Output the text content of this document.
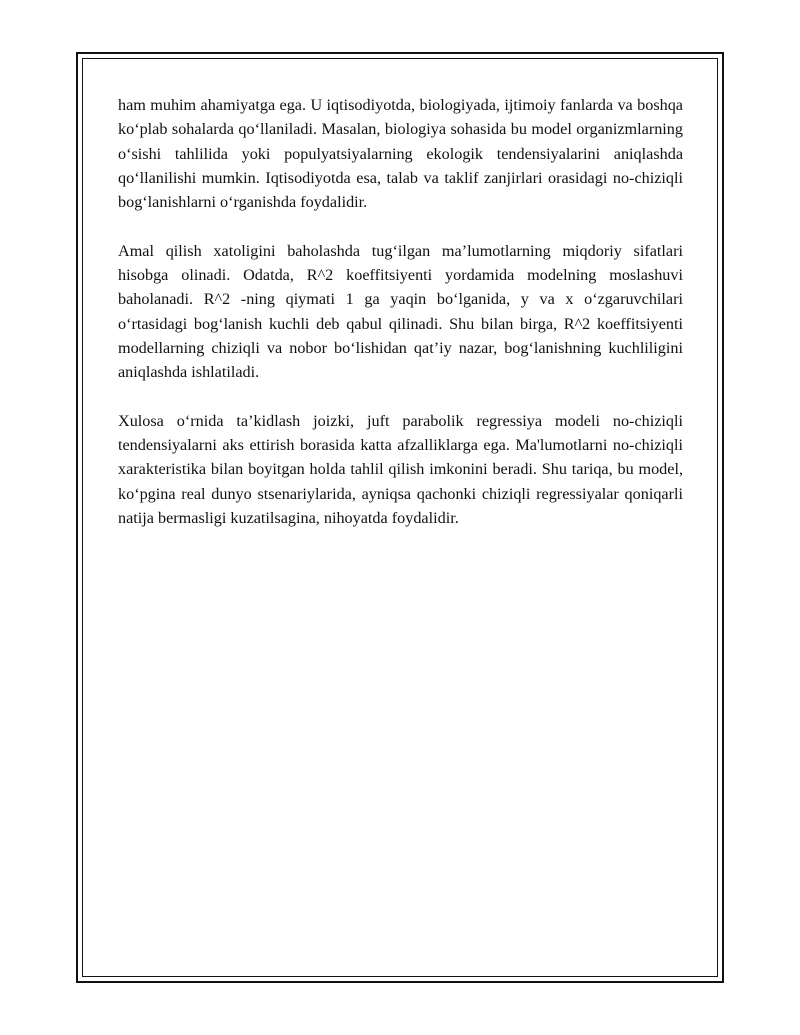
ham muhim ahamiyatga ega. U iqtisodiyotda, biologiyada, ijtimoiy fanlarda va boshqa ko‘plab sohalarda qo‘llaniladi. Masalan, biologiya sohasida bu model organizmlarning o‘sishi tahlilida yoki populyatsiyalarning ekologik tendensiyalarini aniqlashda qo‘llanilishi mumkin. Iqtisodiyotda esa, talab va taklif zanjirlari orasidagi no-chiziqli bog‘lanishlarni o‘rganishda foydalidir.

Amal qilish xatoligini baholashda tug‘ilgan ma’lumotlarning miqdoriy sifatlari hisobga olinadi. Odatda, R^2 koeffitsiyenti yordamida modelning moslashuvi baholanadi. R^2 -ning qiymati 1 ga yaqin bo‘lganida, y va x o‘zgaruvchilari o‘rtasidagi bog‘lanish kuchli deb qabul qilinadi. Shu bilan birga, R^2 koeffitsiyenti modellarning chiziqli va nobor bo‘lishidan qat’iy nazar, bog‘lanishning kuchliligini aniqlashda ishlatiladi.

Xulosa o‘rnida ta’kidlash joizki, juft parabolik regressiya modeli no-chiziqli tendensiyalarni aks ettirish borasida katta afzalliklarga ega. Ma'lumotlarni no-chiziqli xarakteristika bilan boyitgan holda tahlil qilish imkonini beradi. Shu tariqa, bu model, ko‘pgina real dunyo stsenariylarida, ayniqsa qachonki chiziqli regressiyalar qoniqarli natija bermasligi kuzatilsagina, nihoyatda foydalidir.
